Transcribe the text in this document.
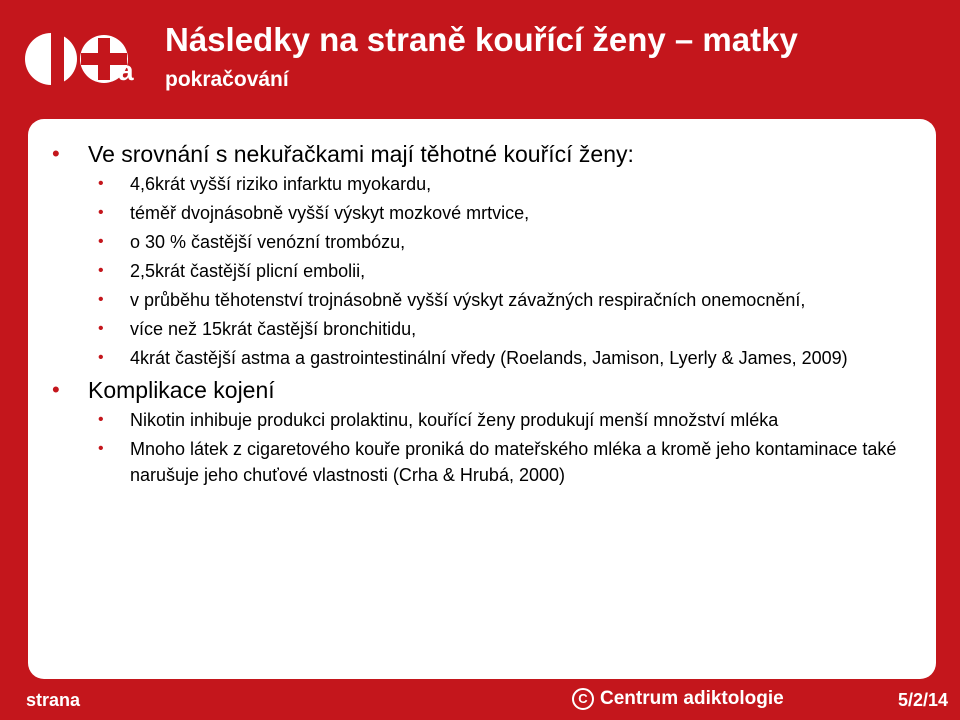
a
Následky na straně kouřící ženy – matky
pokračování
• Ve srovnání s nekuřačkami mají těhotné kouřící ženy:
• 4,6krát vyšší riziko infarktu myokardu,
• téměř dvojnásobně vyšší výskyt mozkové mrtvice,
• o 30 % častější venózní trombózu,
• 2,5krát častější plicní embolii,
• v průběhu těhotenství trojnásobně vyšší výskyt závažných respiračních onemocnění,
• více než 15krát častější bronchitidu,
• 4krát častější astma a gastrointestinální vředy (Roelands, Jamison, Lyerly & James, 2009)
• Komplikace kojení
• Nikotin inhibuje produkci prolaktinu, kouřící ženy produkují menší množství mléka
• Mnoho látek z cigaretového kouře proniká do mateřského mléka a kromě jeho kontaminace také narušuje jeho chuťové vlastnosti (Crha & Hrubá, 2000)
strana	C Centrum adiktologie	5/2/14
